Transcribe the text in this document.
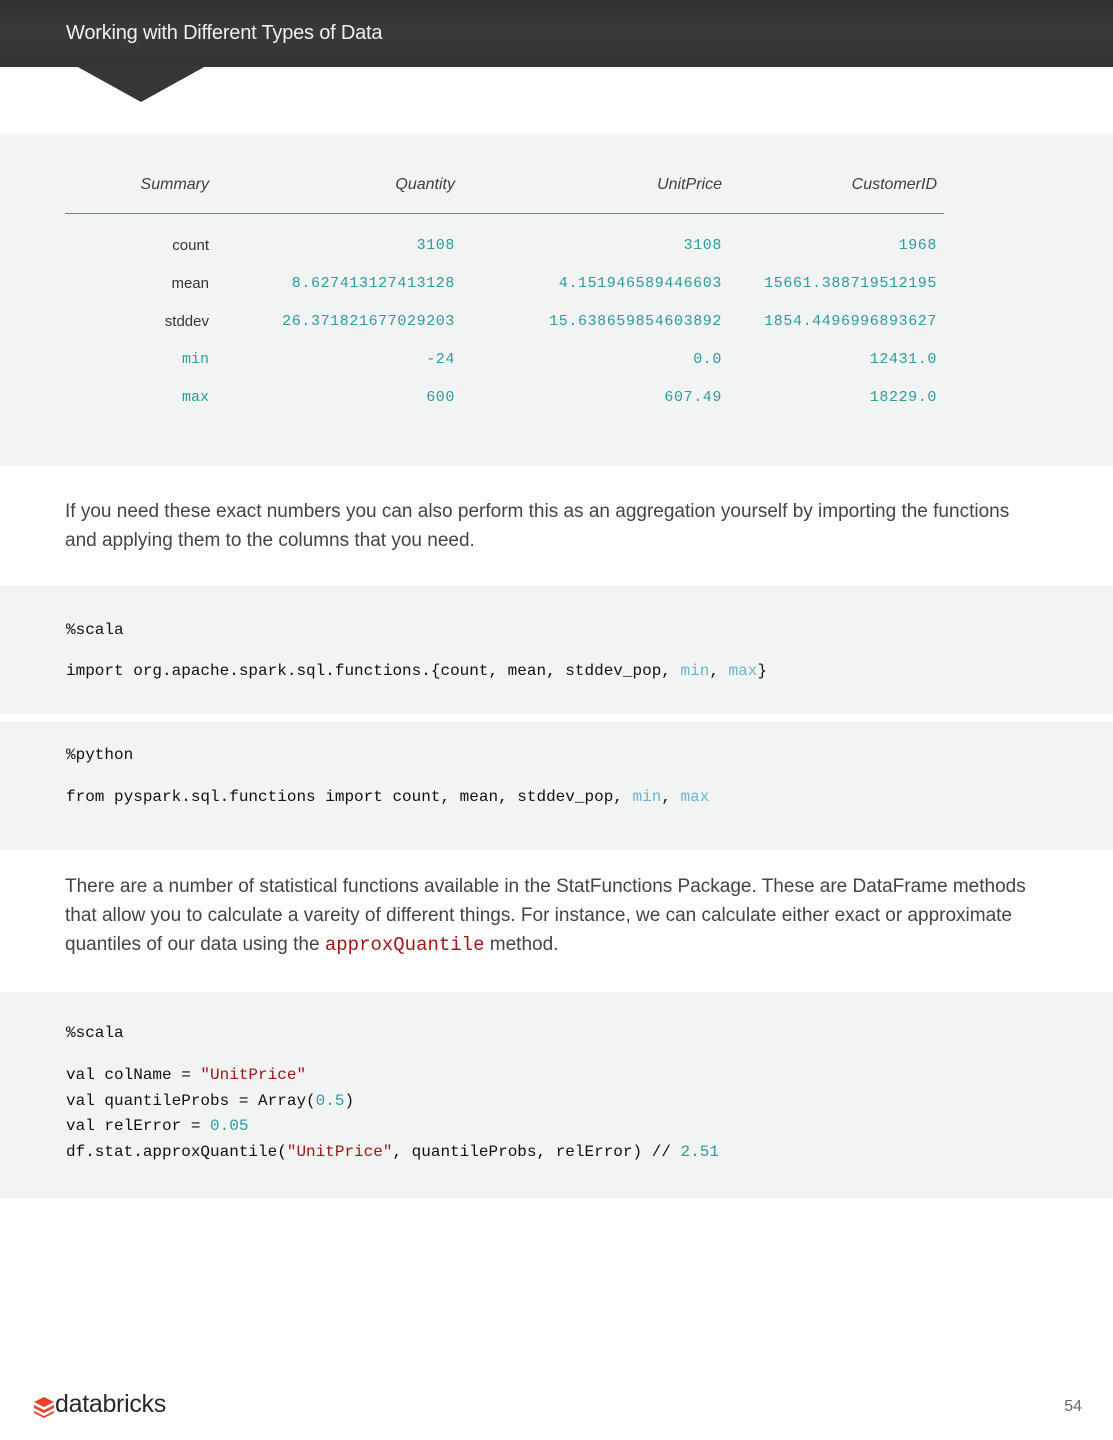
Working with Different Types of Data
Summary	Quantity	UnitPrice	CustomerID
count	3108	3108	1968
mean	8.627413127413128	4.151946589446603	15661.388719512195
stddev	26.371821677029203	15.638659854603892	1854.4496996893627
min	-24	0.0	12431.0
max	600	607.49	18229.0

If you need these exact numbers you can also perform this as an aggregation yourself by importing the functions and applying them to the columns that you need.

%scala
import org.apache.spark.sql.functions.{count, mean, stddev_pop, min, max}
%python
from pyspark.sql.functions import count, mean, stddev_pop, min, max

There are a number of statistical functions available in the StatFunctions Package. These are DataFrame methods that allow you to calculate a vareity of different things. For instance, we can calculate either exact or approximate quantiles of our data using the approxQuantile method.

%scala
val colName = "UnitPrice"
val quantileProbs = Array(0.5)
val relError = 0.05
df.stat.approxQuantile("UnitPrice", quantileProbs, relError) // 2.51
databricks	54
